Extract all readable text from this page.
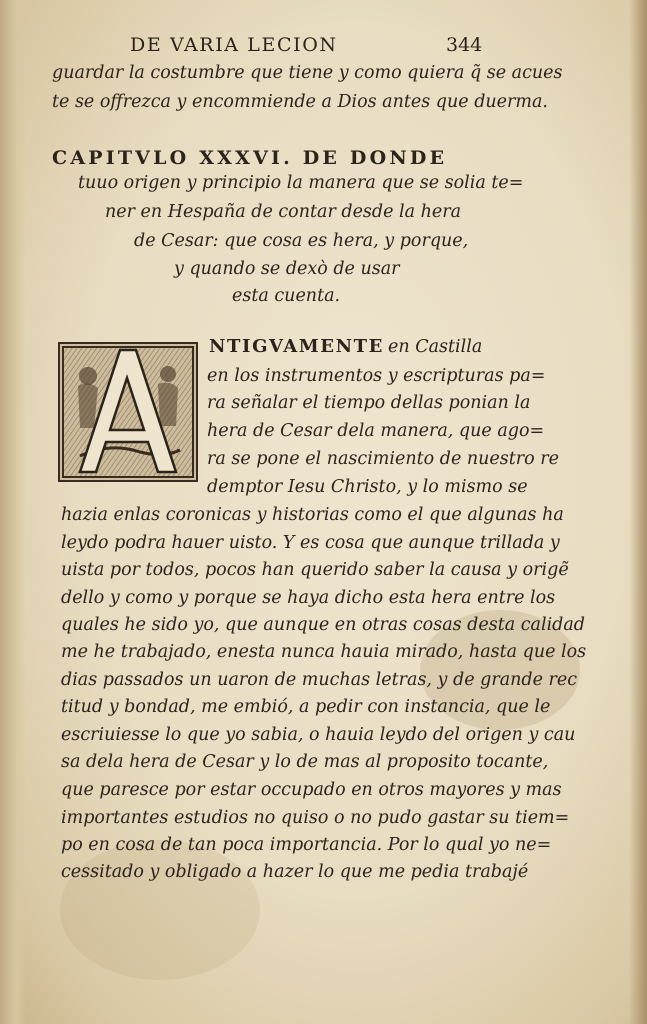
DE VARIA LECION	344
guardar la costumbre que tiene y como quiera q̃ se acues
te se offrezca y encommiende a Dios antes que duerma.
CAPITVLO XXXVI. DE DONDE
tuuo origen y principio la manera que se solia te=
ner en Hespaña de contar desde la hera
de Cesar: que cosa es hera, y porque,
y quando se dexò de usar
esta cuenta.
NTIGVAMENTE en Castilla
en los instrumentos y escripturas pa=
ra señalar el tiempo dellas ponian la
hera de Cesar dela manera, que ago=
ra se pone el nascimiento de nuestro re
demptor Iesu Christo, y lo mismo se
hazia enlas coronicas y historias como el que algunas ha
leydo podra hauer uisto. Y es cosa que aunque trillada y
uista por todos, pocos han querido saber la causa y origẽ
dello y como y porque se haya dicho esta hera entre los
quales he sido yo, que aunque en otras cosas desta calidad
me he trabajado, enesta nunca hauia mirado, hasta que los
dias passados un uaron de muchas letras, y de grande rec
titud y bondad, me embió, a pedir con instancia, que le
escriuiesse lo que yo sabia, o hauia leydo del origen y cau
sa dela hera de Cesar y lo de mas al proposito tocante,
que paresce por estar occupado en otros mayores y mas
importantes estudios no quiso o no pudo gastar su tiem=
po en cosa de tan poca importancia. Por lo qual yo ne=
cessitado y obligado a hazer lo que me pedia trabajé
